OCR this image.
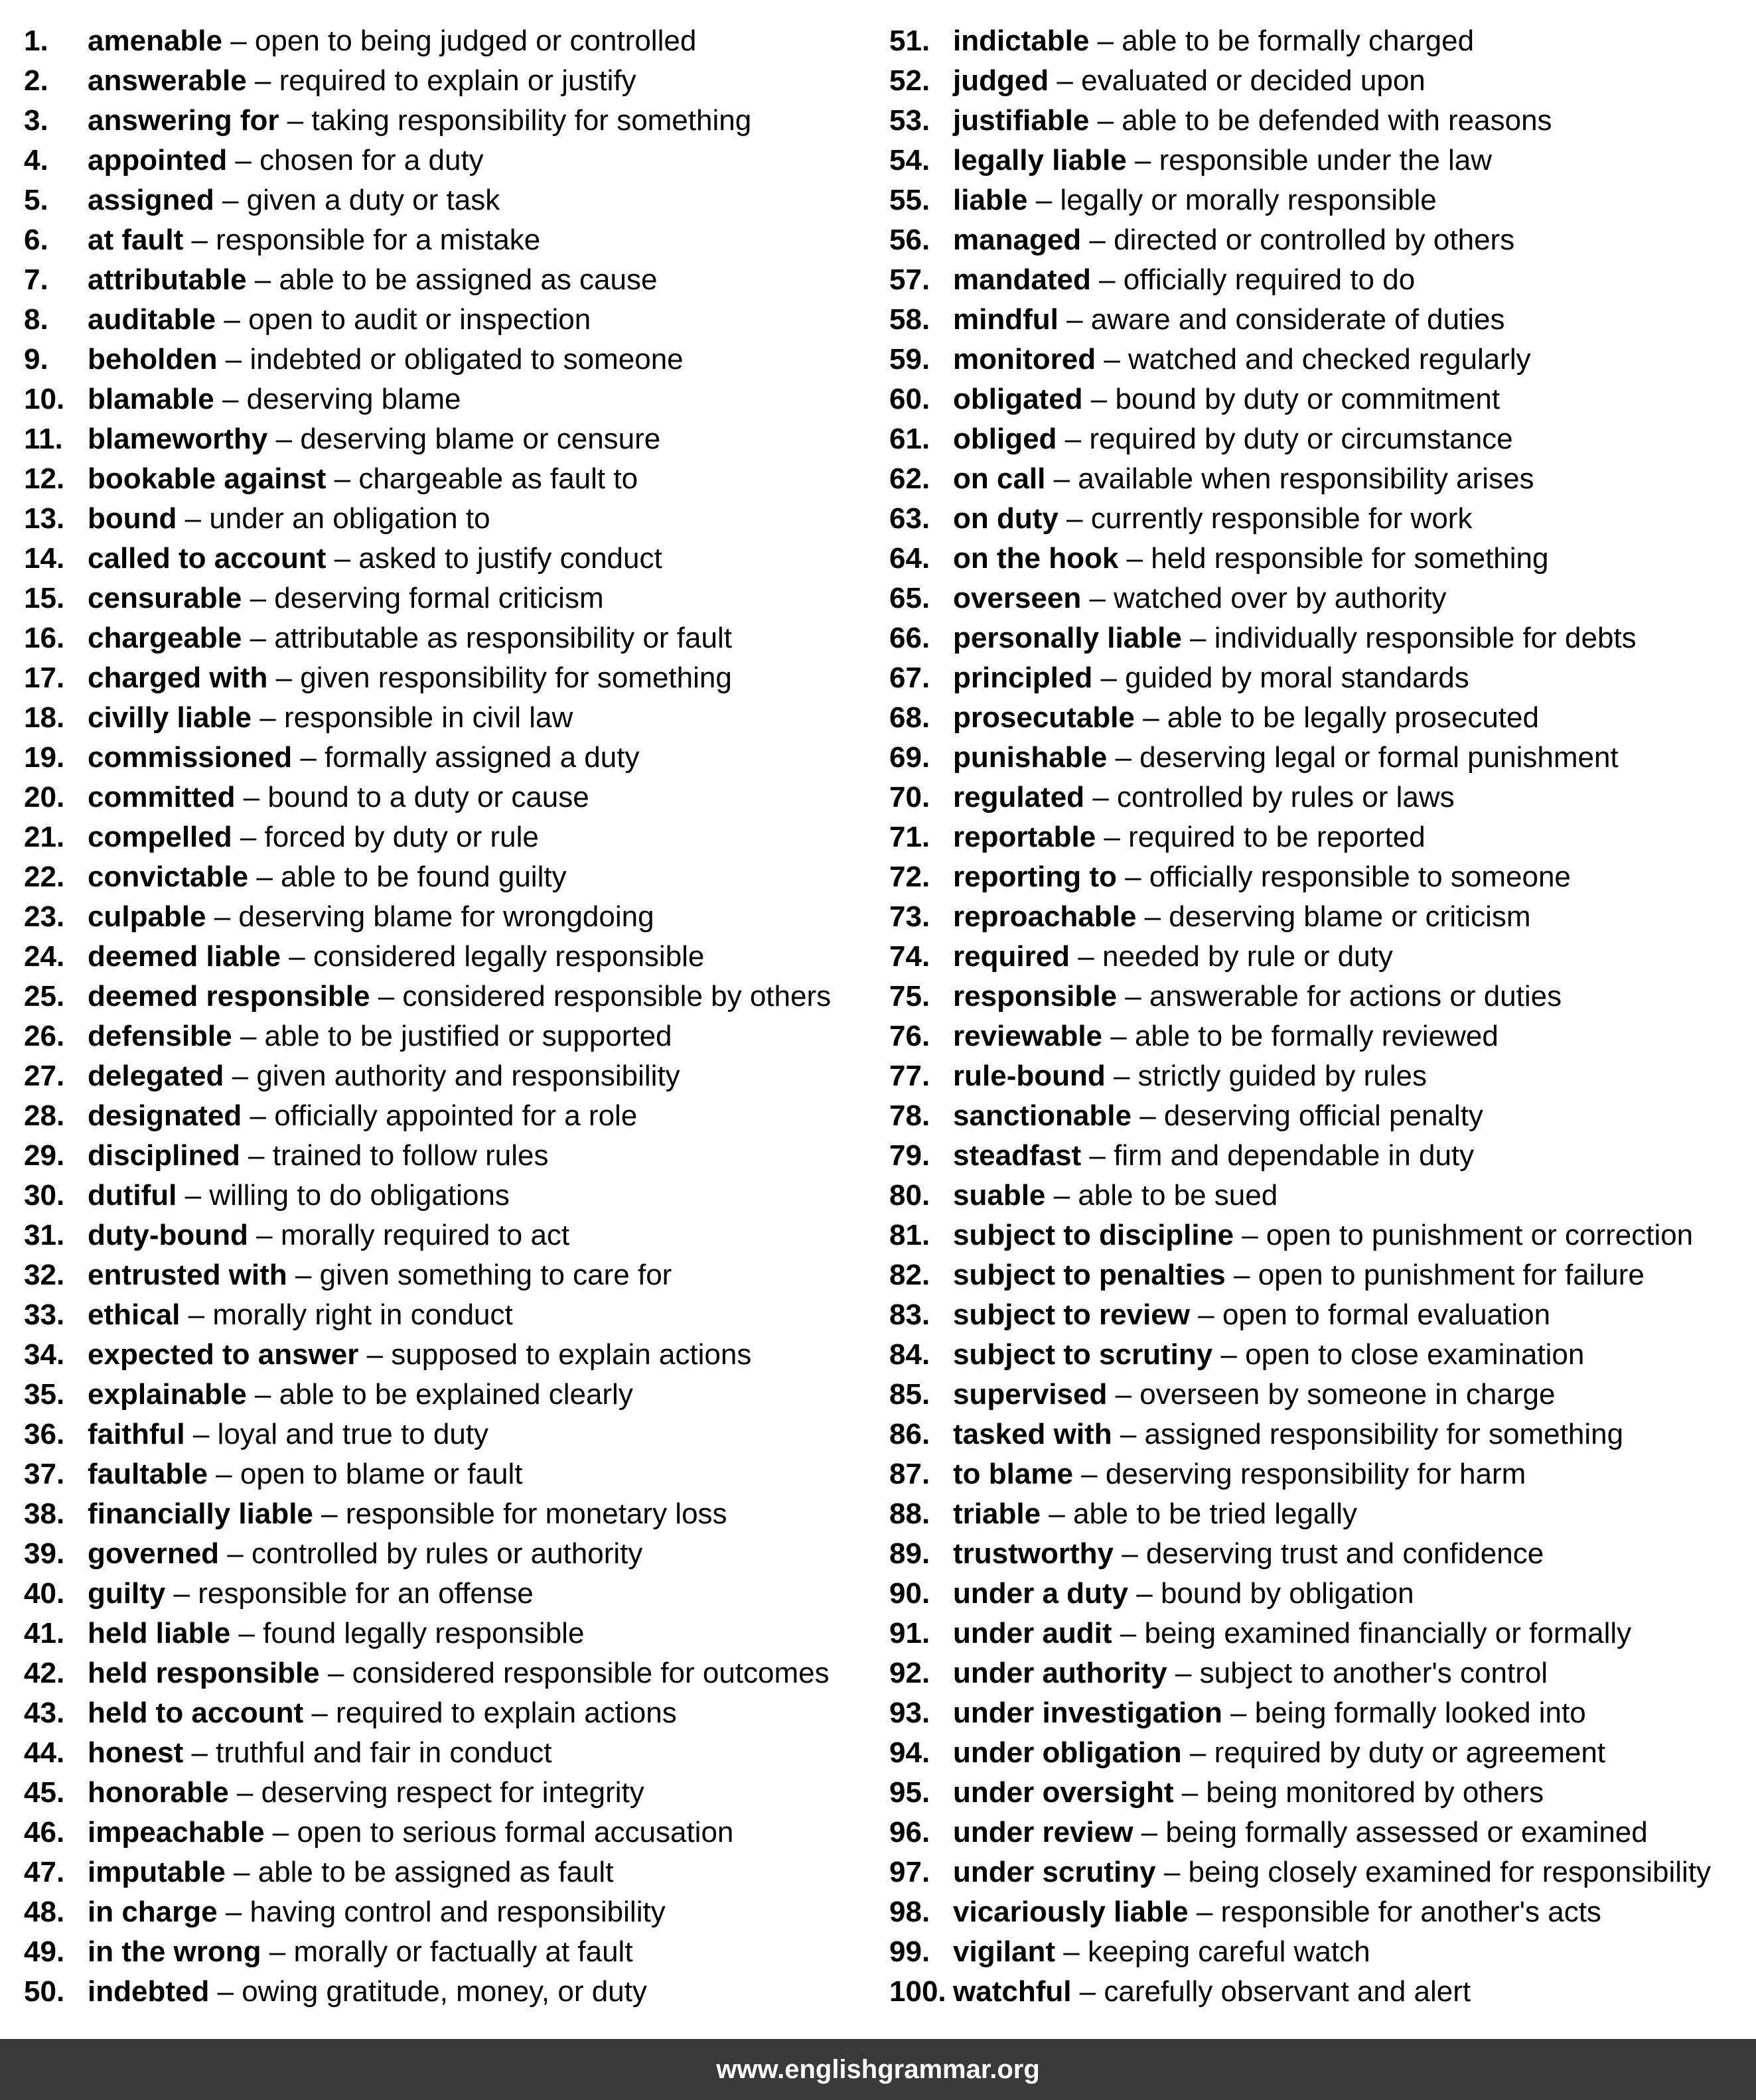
1. amenable – open to being judged or controlled
2. answerable – required to explain or justify
3. answering for – taking responsibility for something
4. appointed – chosen for a duty
5. assigned – given a duty or task
6. at fault – responsible for a mistake
7. attributable – able to be assigned as cause
8. auditable – open to audit or inspection
9. beholden – indebted or obligated to someone
10. blamable – deserving blame
11. blameworthy – deserving blame or censure
12. bookable against – chargeable as fault to
13. bound – under an obligation to
14. called to account – asked to justify conduct
15. censurable – deserving formal criticism
16. chargeable – attributable as responsibility or fault
17. charged with – given responsibility for something
18. civilly liable – responsible in civil law
19. commissioned – formally assigned a duty
20. committed – bound to a duty or cause
21. compelled – forced by duty or rule
22. convictable – able to be found guilty
23. culpable – deserving blame for wrongdoing
24. deemed liable – considered legally responsible
25. deemed responsible – considered responsible by others
26. defensible – able to be justified or supported
27. delegated – given authority and responsibility
28. designated – officially appointed for a role
29. disciplined – trained to follow rules
30. dutiful – willing to do obligations
31. duty-bound – morally required to act
32. entrusted with – given something to care for
33. ethical – morally right in conduct
34. expected to answer – supposed to explain actions
35. explainable – able to be explained clearly
36. faithful – loyal and true to duty
37. faultable – open to blame or fault
38. financially liable – responsible for monetary loss
39. governed – controlled by rules or authority
40. guilty – responsible for an offense
41. held liable – found legally responsible
42. held responsible – considered responsible for outcomes
43. held to account – required to explain actions
44. honest – truthful and fair in conduct
45. honorable – deserving respect for integrity
46. impeachable – open to serious formal accusation
47. imputable – able to be assigned as fault
48. in charge – having control and responsibility
49. in the wrong – morally or factually at fault
50. indebted – owing gratitude, money, or duty
51. indictable – able to be formally charged
52. judged – evaluated or decided upon
53. justifiable – able to be defended with reasons
54. legally liable – responsible under the law
55. liable – legally or morally responsible
56. managed – directed or controlled by others
57. mandated – officially required to do
58. mindful – aware and considerate of duties
59. monitored – watched and checked regularly
60. obligated – bound by duty or commitment
61. obliged – required by duty or circumstance
62. on call – available when responsibility arises
63. on duty – currently responsible for work
64. on the hook – held responsible for something
65. overseen – watched over by authority
66. personally liable – individually responsible for debts
67. principled – guided by moral standards
68. prosecutable – able to be legally prosecuted
69. punishable – deserving legal or formal punishment
70. regulated – controlled by rules or laws
71. reportable – required to be reported
72. reporting to – officially responsible to someone
73. reproachable – deserving blame or criticism
74. required – needed by rule or duty
75. responsible – answerable for actions or duties
76. reviewable – able to be formally reviewed
77. rule-bound – strictly guided by rules
78. sanctionable – deserving official penalty
79. steadfast – firm and dependable in duty
80. suable – able to be sued
81. subject to discipline – open to punishment or correction
82. subject to penalties – open to punishment for failure
83. subject to review – open to formal evaluation
84. subject to scrutiny – open to close examination
85. supervised – overseen by someone in charge
86. tasked with – assigned responsibility for something
87. to blame – deserving responsibility for harm
88. triable – able to be tried legally
89. trustworthy – deserving trust and confidence
90. under a duty – bound by obligation
91. under audit – being examined financially or formally
92. under authority – subject to another's control
93. under investigation – being formally looked into
94. under obligation – required by duty or agreement
95. under oversight – being monitored by others
96. under review – being formally assessed or examined
97. under scrutiny – being closely examined for responsibility
98. vicariously liable – responsible for another's acts
99. vigilant – keeping careful watch
100. watchful – carefully observant and alert
www.englishgrammar.org
